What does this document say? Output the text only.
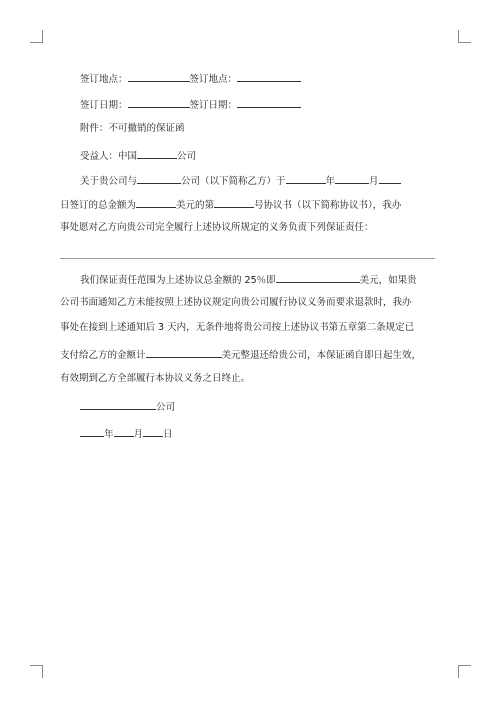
签订地点：	签订地点：
签订日期：	签订日期：
附件：不可撤销的保证函
受益人：中国	公司
关于贵公司与	公司（以下简称乙方）于	年	月
日签订的总金额为	美元的第	号协议书（以下简称协议书），我办
事处愿对乙方向贵公司完全履行上述协议所规定的义务负责下列保证责任：
我们保证责任范围为上述协议总金额的 25％即	美元，如果贵
公司书面通知乙方未能按照上述协议规定向贵公司履行协议义务而要求退款时，我办
事处在接到上述通知后 3 天内，无条件地将贵公司按上述协议书第五章第二条规定已
支付给乙方的金额计	美元整退还给贵公司，本保证函自即日起生效，
有效期到乙方全部履行本协议义务之日终止。
公司
年 月 日
